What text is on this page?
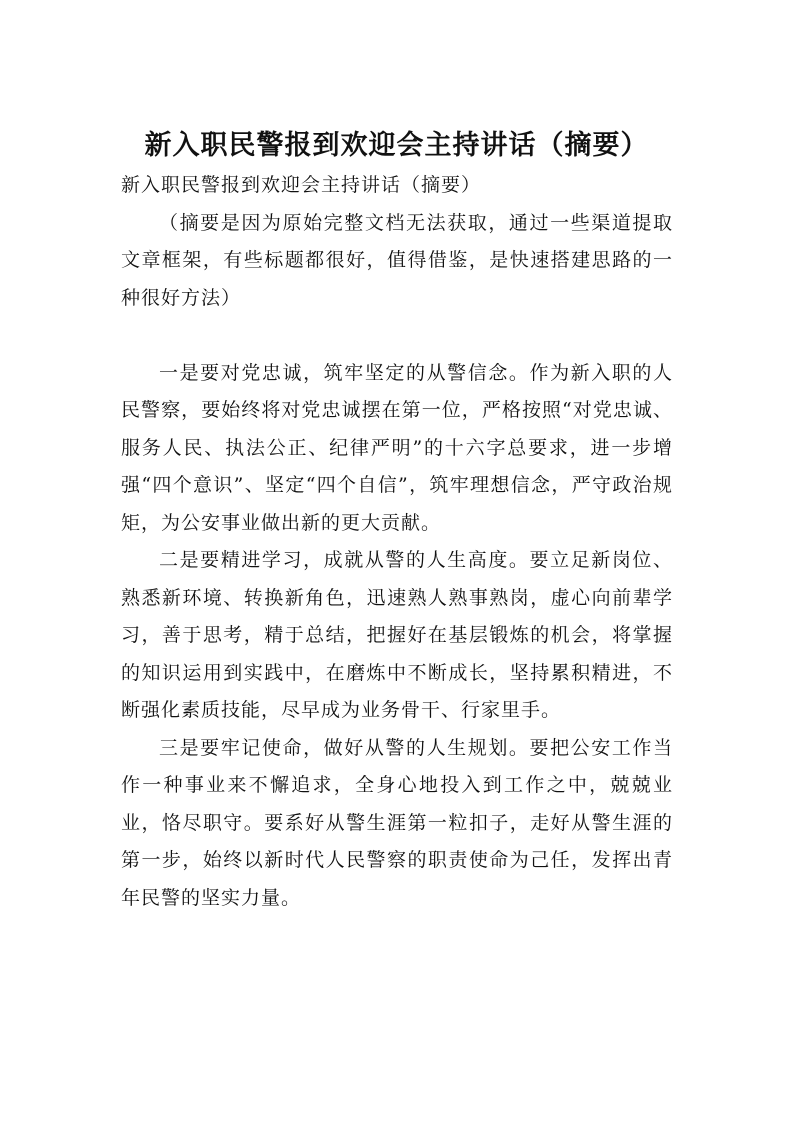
新入职民警报到欢迎会主持讲话（摘要）

新入职民警报到欢迎会主持讲话（摘要）

（摘要是因为原始完整文档无法获取，通过一些渠道提取文章框架，有些标题都很好，值得借鉴，是快速搭建思路的一种很好方法）

一是要对党忠诚，筑牢坚定的从警信念。作为新入职的人民警察，要始终将对党忠诚摆在第一位，严格按照“对党忠诚、服务人民、执法公正、纪律严明”的十六字总要求，进一步增强“四个意识”、坚定“四个自信”，筑牢理想信念，严守政治规矩，为公安事业做出新的更大贡献。

二是要精进学习，成就从警的人生高度。要立足新岗位、熟悉新环境、转换新角色，迅速熟人熟事熟岗，虚心向前辈学习，善于思考，精于总结，把握好在基层锻炼的机会，将掌握的知识运用到实践中，在磨炼中不断成长，坚持累积精进，不断强化素质技能，尽早成为业务骨干、行家里手。

三是要牢记使命，做好从警的人生规划。要把公安工作当作一种事业来不懈追求，全身心地投入到工作之中，兢兢业业，恪尽职守。要系好从警生涯第一粒扣子，走好从警生涯的第一步，始终以新时代人民警察的职责使命为己任，发挥出青年民警的坚实力量。
